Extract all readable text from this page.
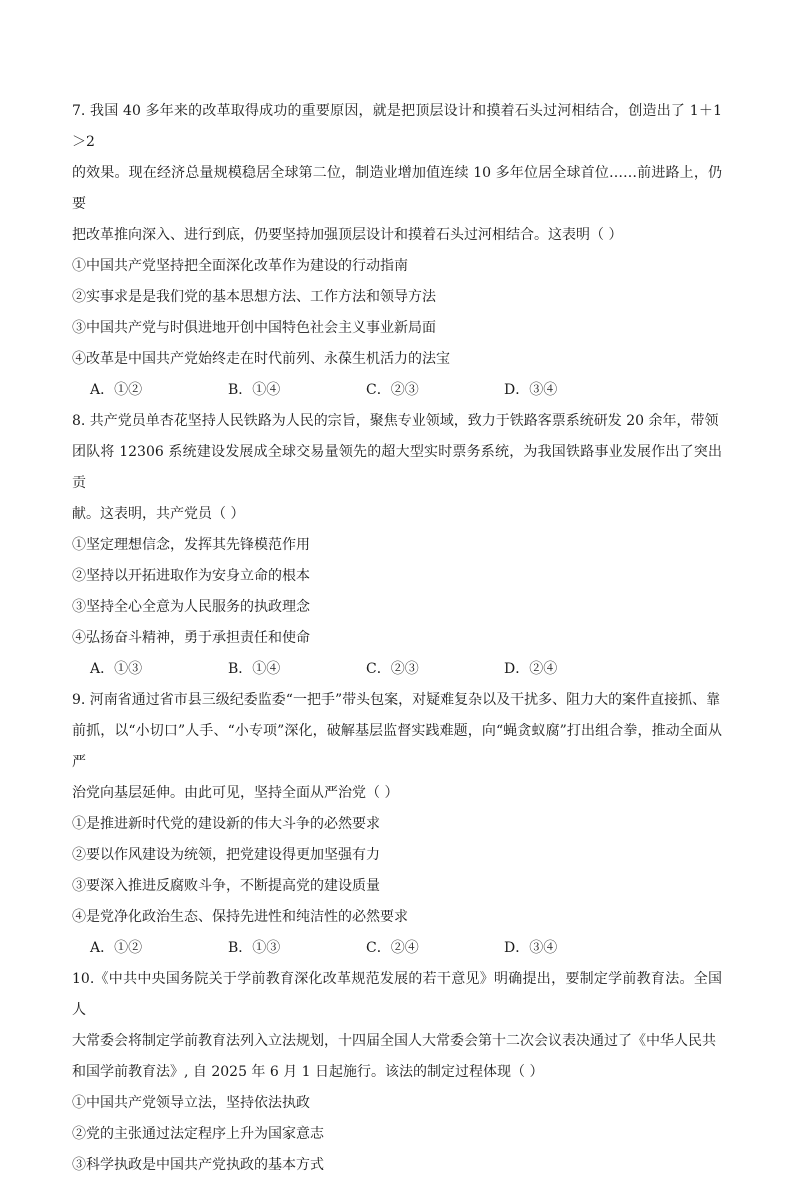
7. 我国 40 多年来的改革取得成功的重要原因，就是把顶层设计和摸着石头过河相结合，创造出了 1＋1＞2

的效果。现在经济总量规模稳居全球第二位，制造业增加值连续 10 多年位居全球首位……前进路上，仍要

把改革推向深入、进行到底，仍要坚持加强顶层设计和摸着石头过河相结合。这表明（ ）

①中国共产党坚持把全面深化改革作为建设的行动指南

②实事求是是我们党的基本思想方法、工作方法和领导方法

③中国共产党与时俱进地开创中国特色社会主义事业新局面

④改革是中国共产党始终走在时代前列、永葆生机活力的法宝

A．①②	B．①④	C．②③	D．③④

8. 共产党员单杏花坚持人民铁路为人民的宗旨，聚焦专业领域，致力于铁路客票系统研发 20 余年，带领

团队将 12306 系统建设发展成全球交易量领先的超大型实时票务系统，为我国铁路事业发展作出了突出贡

献。这表明，共产党员（ ）

①坚定理想信念，发挥其先锋模范作用

②坚持以开拓进取作为安身立命的根本

③坚持全心全意为人民服务的执政理念

④弘扬奋斗精神，勇于承担责任和使命

A．①③	B．①④	C．②③	D．②④

9. 河南省通过省市县三级纪委监委“一把手”带头包案，对疑难复杂以及干扰多、阻力大的案件直接抓、靠

前抓，以“小切口”人手、“小专项”深化，破解基层监督实践难题，向“蝇贪蚁腐”打出组合拳，推动全面从严

治党向基层延伸。由此可见，坚持全面从严治党（ ）

①是推进新时代党的建设新的伟大斗争的必然要求

②要以作风建设为统领，把党建设得更加坚强有力

③要深入推进反腐败斗争，不断提高党的建设质量

④是党净化政治生态、保持先进性和纯洁性的必然要求

A．①②	B．①③	C．②④	D．③④

10.《中共中央国务院关于学前教育深化改革规范发展的若干意见》明确提出，要制定学前教育法。全国人

大常委会将制定学前教育法列入立法规划，十四届全国人大常委会第十二次会议表决通过了《中华人民共

和国学前教育法》, 自 2025 年 6 月 1 日起施行。该法的制定过程体现（ ）

①中国共产党领导立法，坚持依法执政

②党的主张通过法定程序上升为国家意志

③科学执政是中国共产党执政的基本方式
